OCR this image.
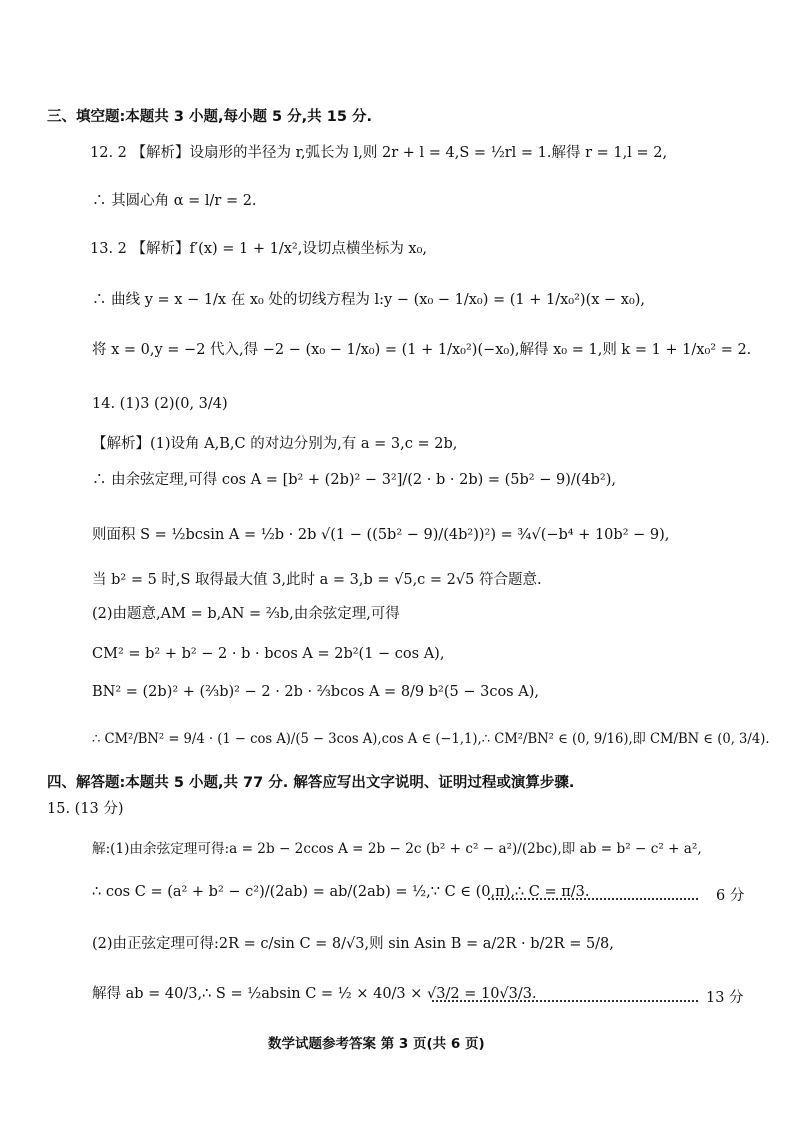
三、填空题:本题共 3 小题,每小题 5 分,共 15 分.
12. 2 【解析】设扇形的半径为 r,弧长为 l,则 2r + l = 4,S = ½rl = 1.解得 r = 1,l = 2,
∴ 其圆心角 α = l/r = 2.
13. 2 【解析】f′(x) = 1 + 1/x²,设切点横坐标为 x₀,
∴ 曲线 y = x − 1/x 在 x₀ 处的切线方程为 l:y − (x₀ − 1/x₀) = (1 + 1/x₀²)(x − x₀),
将 x = 0,y = −2 代入,得 −2 − (x₀ − 1/x₀) = (1 + 1/x₀²)(−x₀),解得 x₀ = 1,则 k = 1 + 1/x₀² = 2.
14. (1)3 (2)(0, 3/4)
【解析】(1)设角 A,B,C 的对边分别为,有 a = 3,c = 2b,
∴ 由余弦定理,可得 cos A = [b² + (2b)² − 3²]/(2 · b · 2b) = (5b² − 9)/(4b²),
则面积 S = ½bcsin A = ½b · 2b √(1 − ((5b² − 9)/(4b²))²) = ¾√(−b⁴ + 10b² − 9),
当 b² = 5 时,S 取得最大值 3,此时 a = 3,b = √5,c = 2√5 符合题意.
(2)由题意,AM = b,AN = ⅔b,由余弦定理,可得
CM² = b² + b² − 2 · b · bcos A = 2b²(1 − cos A),
BN² = (2b)² + (⅔b)² − 2 · 2b · ⅔bcos A = 8/9 b²(5 − 3cos A),
∴ CM²/BN² = 9/4 · (1 − cos A)/(5 − 3cos A),cos A ∈ (−1,1),∴ CM²/BN² ∈ (0, 9/16),即 CM/BN ∈ (0, 3/4).
四、解答题:本题共 5 小题,共 77 分. 解答应写出文字说明、证明过程或演算步骤.
15. (13 分)
解:(1)由余弦定理可得:a = 2b − 2ccos A = 2b − 2c (b² + c² − a²)/(2bc),即 ab = b² − c² + a²,
∴ cos C = (a² + b² − c²)/(2ab) = ab/(2ab) = ½,∵ C ∈ (0,π),∴ C = π/3.	6 分
(2)由正弦定理可得:2R = c/sin C = 8/√3,则 sin Asin B = a/2R · b/2R = 5/8,
解得 ab = 40/3,∴ S = ½absin C = ½ × 40/3 × √3/2 = 10√3/3.	13 分
数学试题参考答案 第 3 页(共 6 页)
